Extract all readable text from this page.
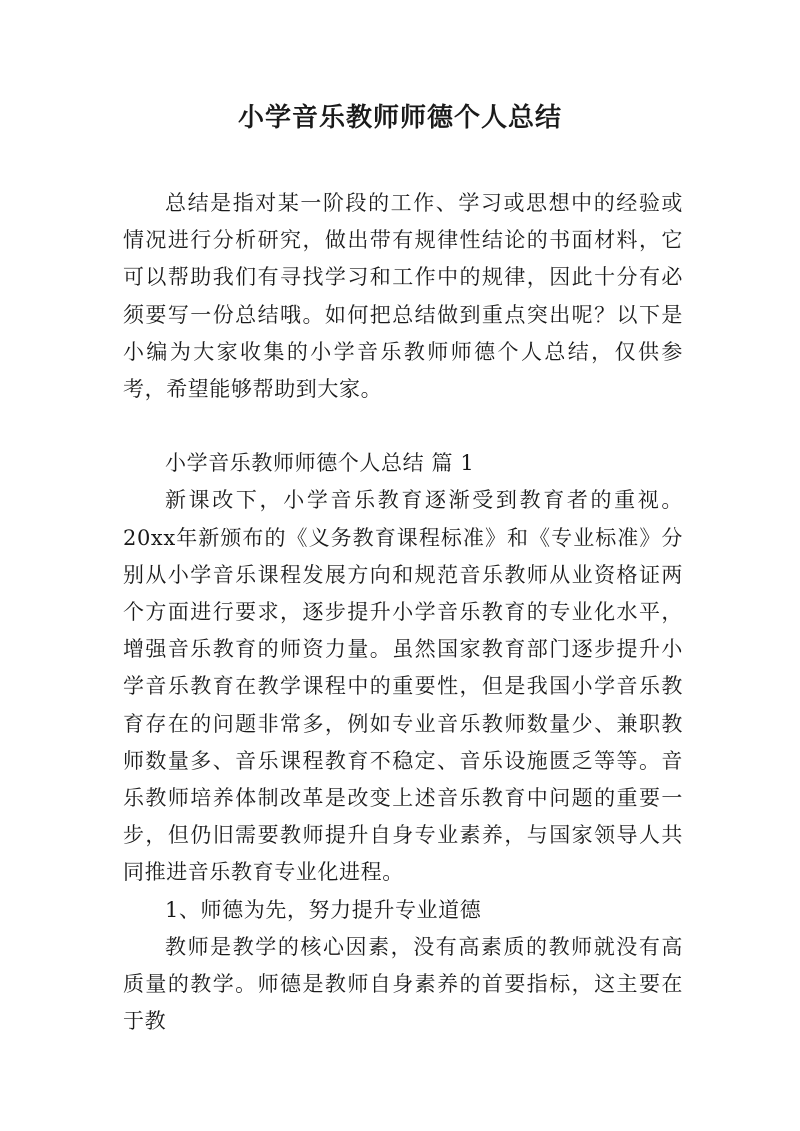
小学音乐教师师德个人总结

总结是指对某一阶段的工作、学习或思想中的经验或情况进行分析研究，做出带有规律性结论的书面材料，它可以帮助我们有寻找学习和工作中的规律，因此十分有必须要写一份总结哦。如何把总结做到重点突出呢？以下是小编为大家收集的小学音乐教师师德个人总结，仅供参考，希望能够帮助到大家。

小学音乐教师师德个人总结 篇 1

新课改下，小学音乐教育逐渐受到教育者的重视。20xx年新颁布的《义务教育课程标准》和《专业标准》分别从小学音乐课程发展方向和规范音乐教师从业资格证两个方面进行要求，逐步提升小学音乐教育的专业化水平，增强音乐教育的师资力量。虽然国家教育部门逐步提升小学音乐教育在教学课程中的重要性，但是我国小学音乐教育存在的问题非常多，例如专业音乐教师数量少、兼职教师数量多、音乐课程教育不稳定、音乐设施匮乏等等。音乐教师培养体制改革是改变上述音乐教育中问题的重要一步，但仍旧需要教师提升自身专业素养，与国家领导人共同推进音乐教育专业化进程。

1、师德为先，努力提升专业道德

教师是教学的核心因素，没有高素质的教师就没有高质量的教学。师德是教师自身素养的首要指标，这主要在于教
